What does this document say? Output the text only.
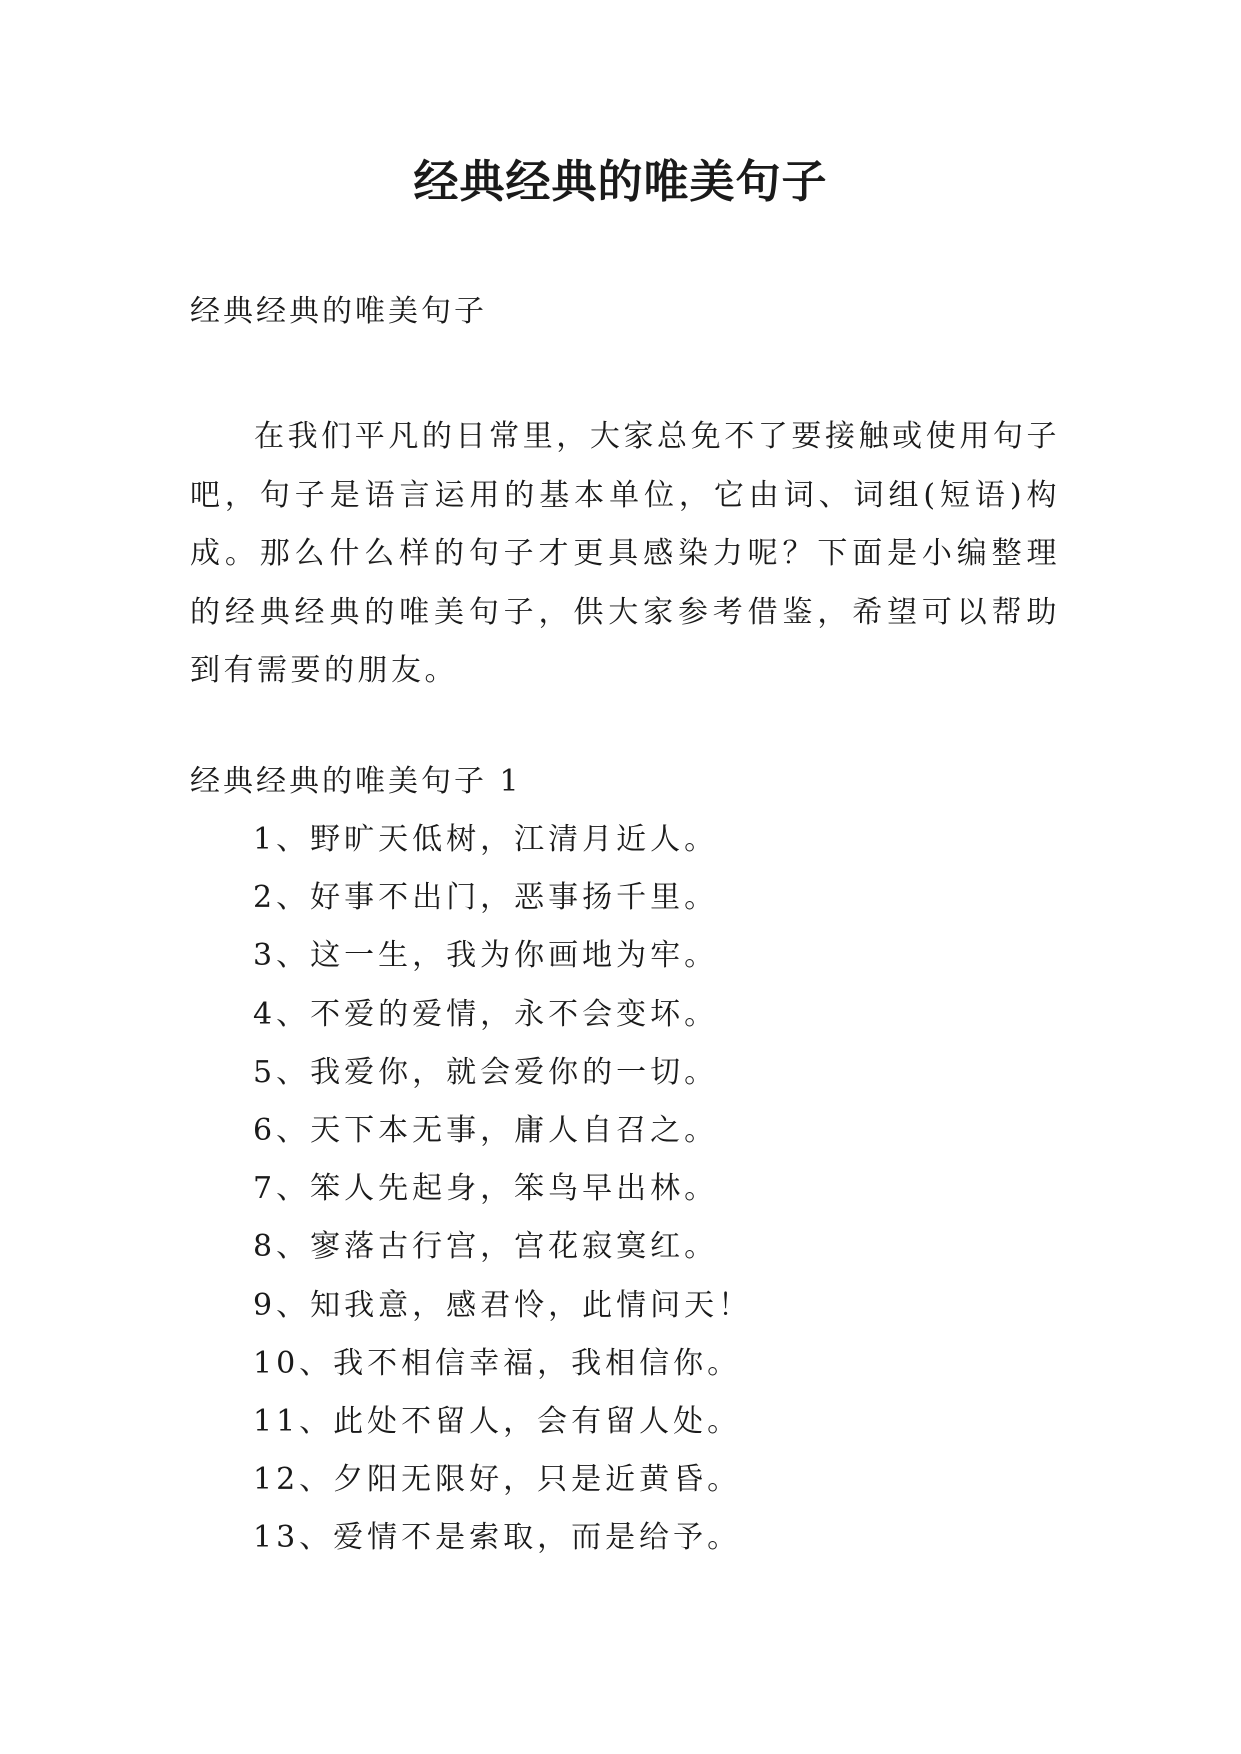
经典经典的唯美句子
经典经典的唯美句子

在我们平凡的日常里，大家总免不了要接触或使用句子吧，句子是语言运用的基本单位，它由词、词组(短语)构成。那么什么样的句子才更具感染力呢？下面是小编整理的经典经典的唯美句子，供大家参考借鉴，希望可以帮助到有需要的朋友。

经典经典的唯美句子 1
1、野旷天低树，江清月近人。
2、好事不出门，恶事扬千里。
3、这一生，我为你画地为牢。
4、不爱的爱情，永不会变坏。
5、我爱你，就会爱你的一切。
6、天下本无事，庸人自召之。
7、笨人先起身，笨鸟早出林。
8、寥落古行宫，宫花寂寞红。
9、知我意，感君怜，此情问天！
10、我不相信幸福，我相信你。
11、此处不留人，会有留人处。
12、夕阳无限好，只是近黄昏。
13、爱情不是索取，而是给予。
